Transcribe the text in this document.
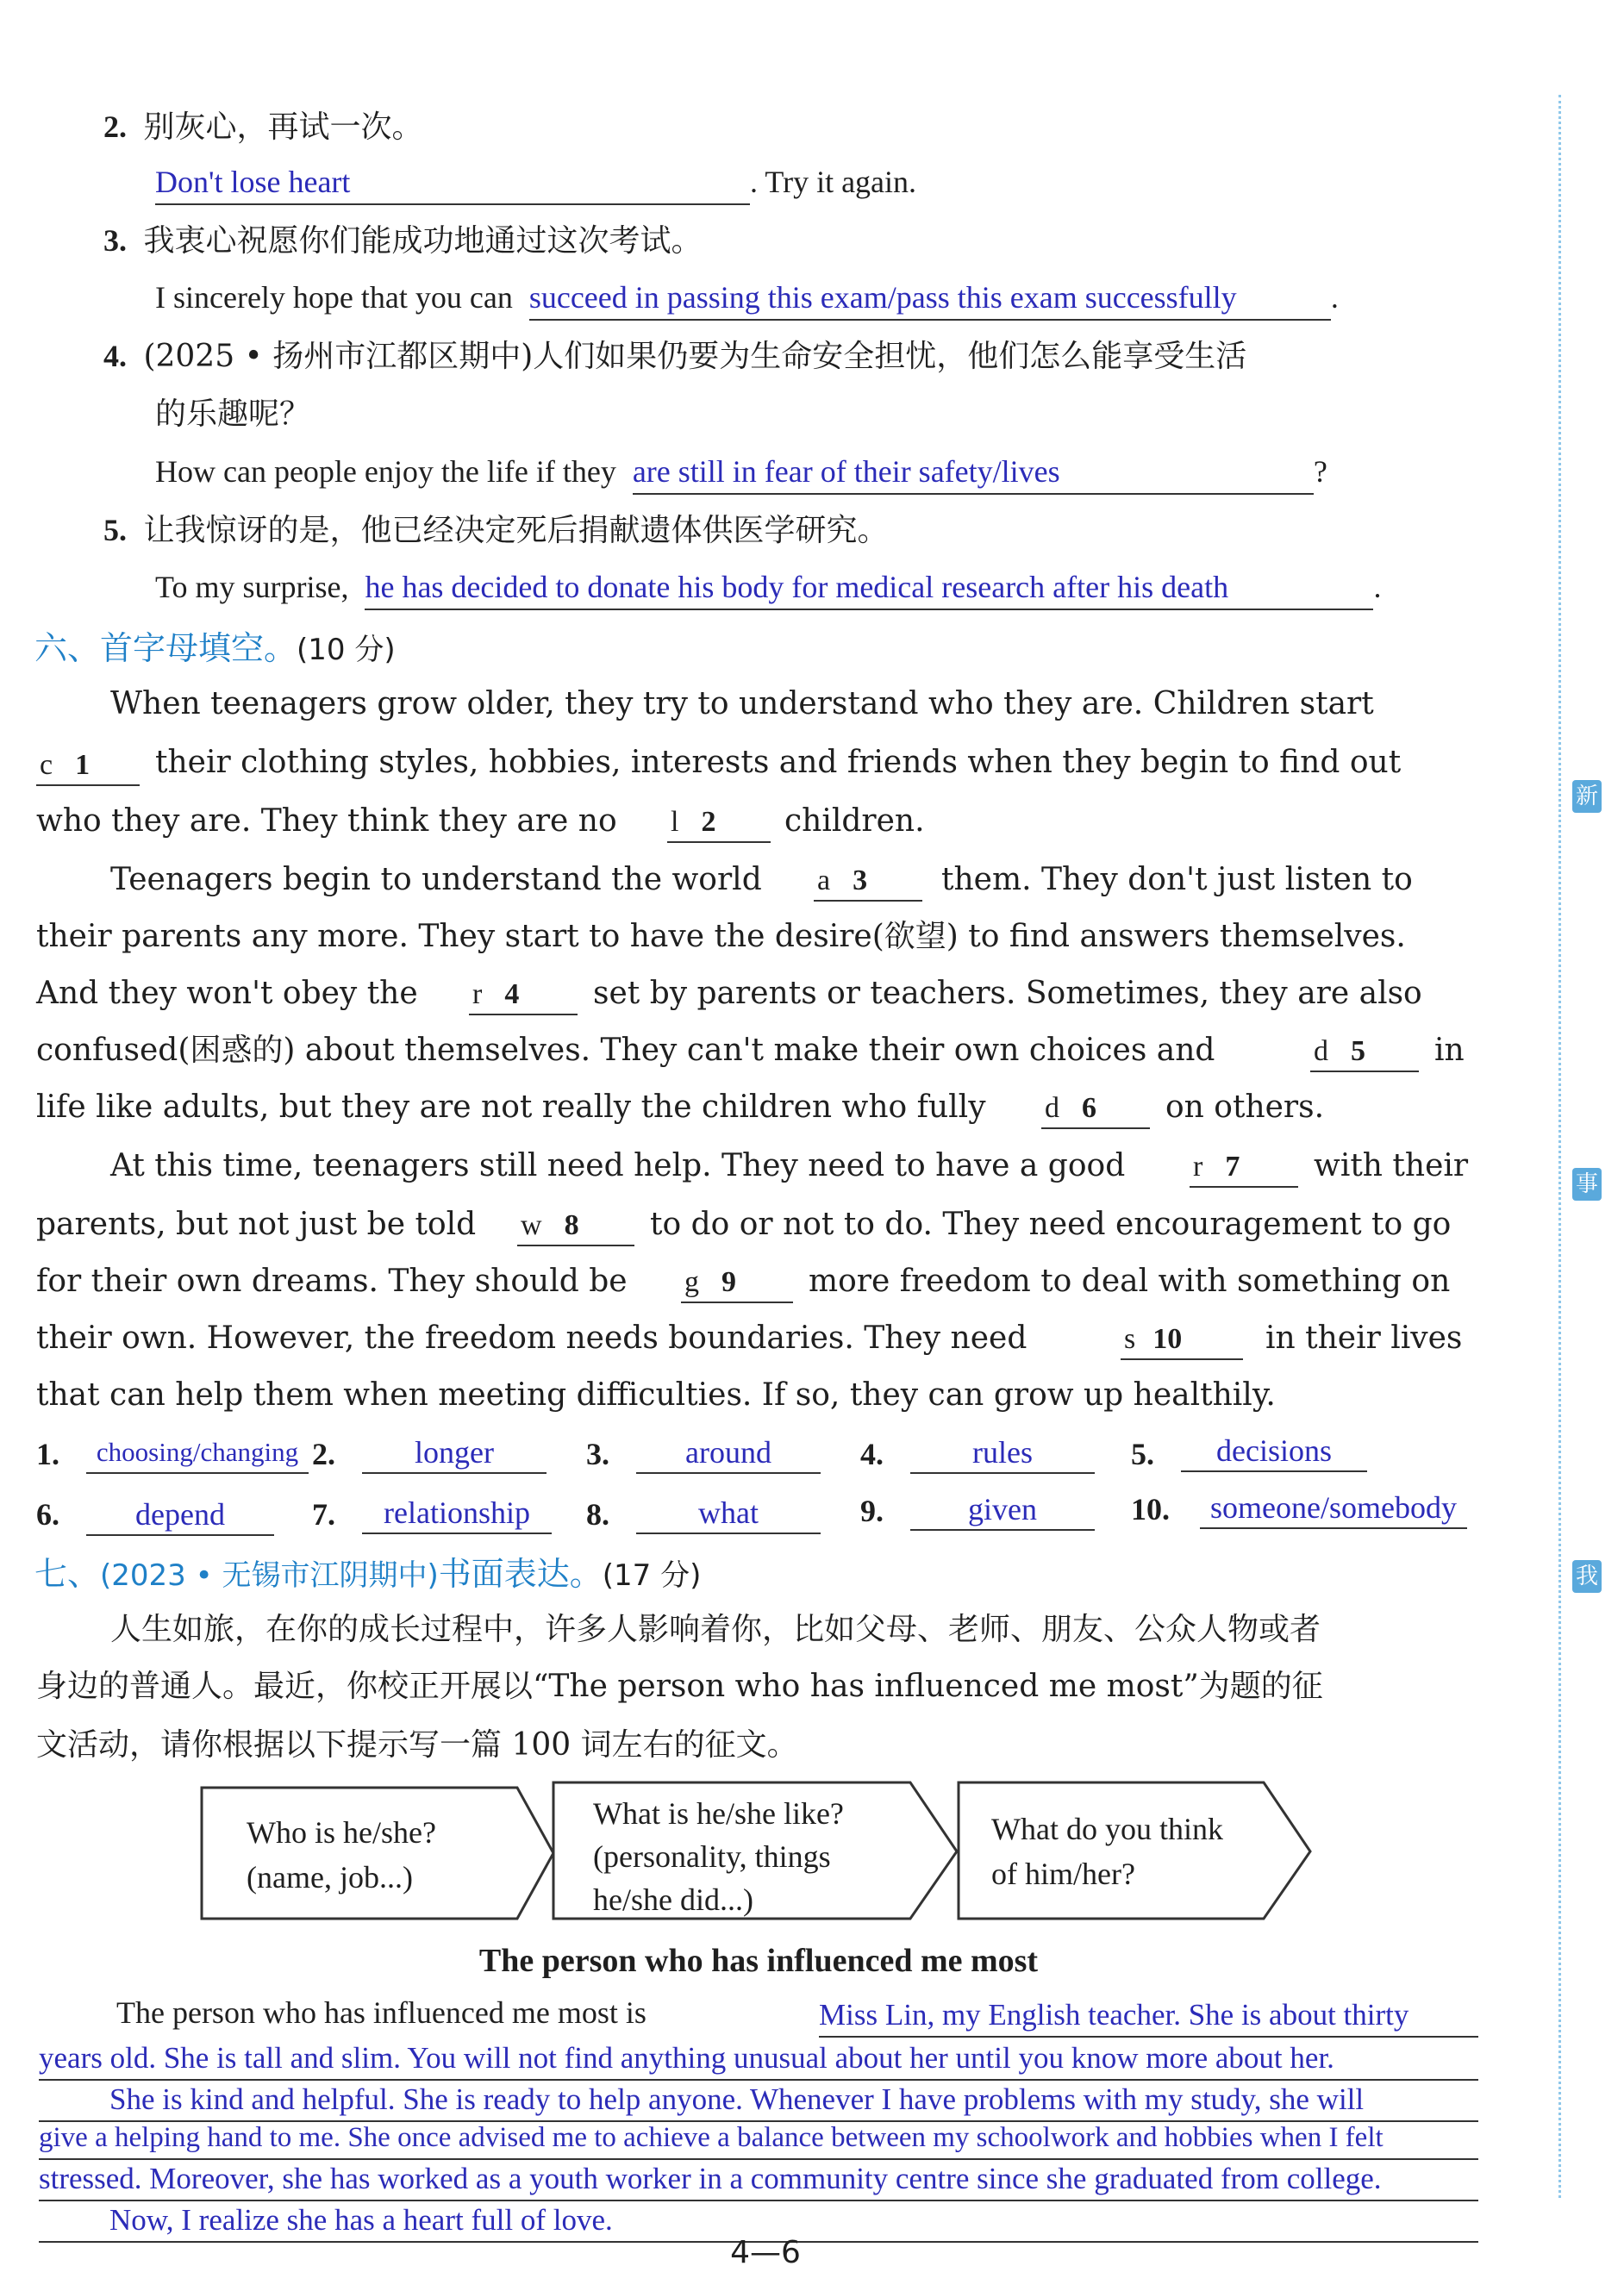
新
事
我
2. 别灰心，再试一次。
Don't lose heart	. Try it again.
3. 我衷心祝愿你们能成功地通过这次考试。
I sincerely hope that you can succeed in passing this exam/pass this exam successfully	.
4. (2025 • 扬州市江都区期中)人们如果仍要为生命安全担忧，他们怎么能享受生活
的乐趣呢？
How can people enjoy the life if they are still in fear of their safety/lives	?
5. 让我惊讶的是，他已经决定死后捐献遗体供医学研究。
To my surprise, he has decided to donate his body for medical research after his death	.
六、首字母填空。(10 分)
When teenagers grow older, they try to understand who they are. Children start
c 1	their clothing styles, hobbies, interests and friends when they begin to find out
who they are. They think they are no l 2	children.
Teenagers begin to understand the world a 3	them. They don't just listen to
their parents any more. They start to have the desire(欲望) to find answers themselves.
And they won't obey the r 4	set by parents or teachers. Sometimes, they are also
confused(困惑的) about themselves. They can't make their own choices and	d 5	in
life like adults, but they are not really the children who fully d 6	on others.
At this time, teenagers still need help. They need to have a good r 7	with their
parents, but not just be told w 8	to do or not to do. They need encouragement to go
for their own dreams. They should be g 9	more freedom to deal with something on
their own. However, the freedom needs boundaries. They need	s 10	in their lives
that can help them when meeting difficulties. If so, they can grow up healthily.
1.	choosing/changing 2.	longer	3.	around	4.	rules	5.	decisions
6.	depend	7.	relationship	8.	what	9.	given	10.	someone/somebody
七、(2023 • 无锡市江阴期中)书面表达。(17 分)
人生如旅，在你的成长过程中，许多人影响着你，比如父母、老师、朋友、公众人物或者
身边的普通人。最近，你校正开展以“The person who has influenced me most”为题的征
文活动，请你根据以下提示写一篇 100 词左右的征文。
Who is he/she?
(name, job...)
What is he/she like?
(personality, things
he/she did...)
What do you think
of him/her?
The person who has influenced me most
The person who has influenced me most is	Miss Lin, my English teacher. She is about thirty
years old. She is tall and slim. You will not find anything unusual about her until you know more about her.
She is kind and helpful. She is ready to help anyone. Whenever I have problems with my study, she will
give a helping hand to me. She once advised me to achieve a balance between my schoolwork and hobbies when I felt
stressed. Moreover, she has worked as a youth worker in a community centre since she graduated from college.
Now, I realize she has a heart full of love.
4—6
